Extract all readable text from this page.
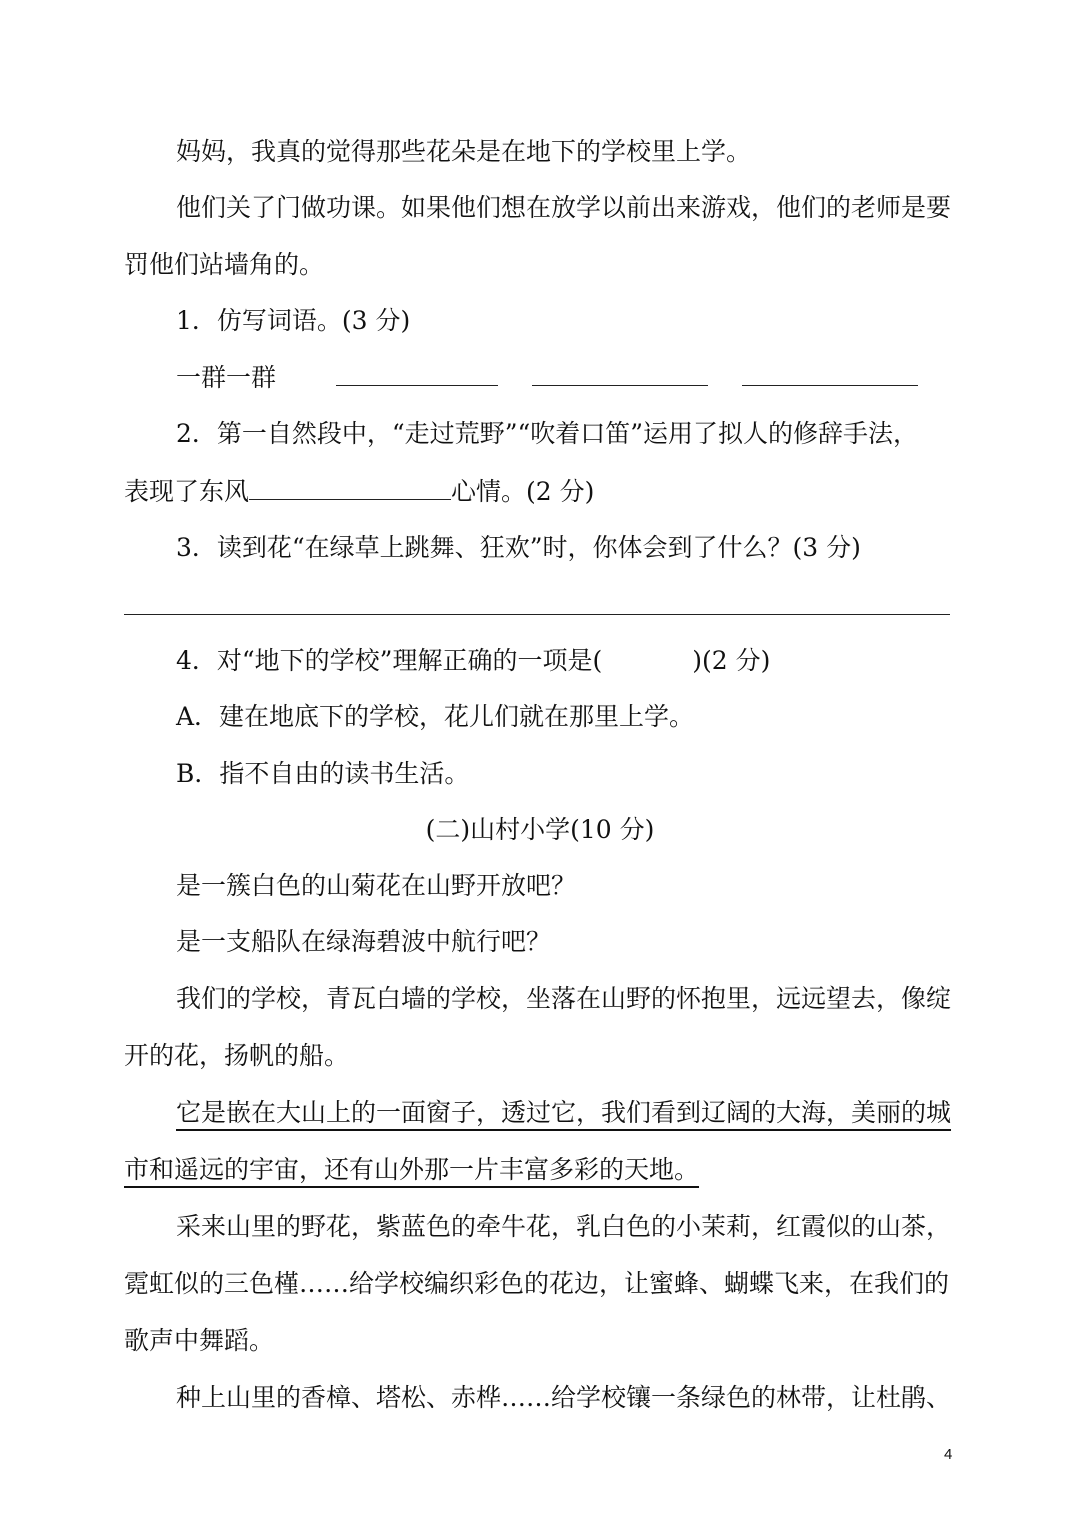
妈妈，我真的觉得那些花朵是在地下的学校里上学。
他们关了门做功课。如果他们想在放学以前出来游戏，他们的老师是要
罚他们站墙角的。
1．仿写词语。(3 分)
一群一群
2．第一自然段中，“走过荒野”“吹着口笛”运用了拟人的修辞手法，
表现了东风	心情。(2 分)
3．读到花“在绿草上跳舞、狂欢”时，你体会到了什么？(3 分)
4．对“地下的学校”理解正确的一项是(	)(2 分)
A．建在地底下的学校，花儿们就在那里上学。
B．指不自由的读书生活。
(二)山村小学(10 分)
是一簇白色的山菊花在山野开放吧？
是一支船队在绿海碧波中航行吧？
我们的学校，青瓦白墙的学校，坐落在山野的怀抱里，远远望去，像绽
开的花，扬帆的船。
它是嵌在大山上的一面窗子，透过它，我们看到辽阔的大海，美丽的城
市和遥远的宇宙，还有山外那一片丰富多彩的天地。
采来山里的野花，紫蓝色的牵牛花，乳白色的小茉莉，红霞似的山茶，
霓虹似的三色槿……给学校编织彩色的花边，让蜜蜂、蝴蝶飞来，在我们的
歌声中舞蹈。
种上山里的香樟、塔松、赤桦……给学校镶一条绿色的林带，让杜鹃、
4
